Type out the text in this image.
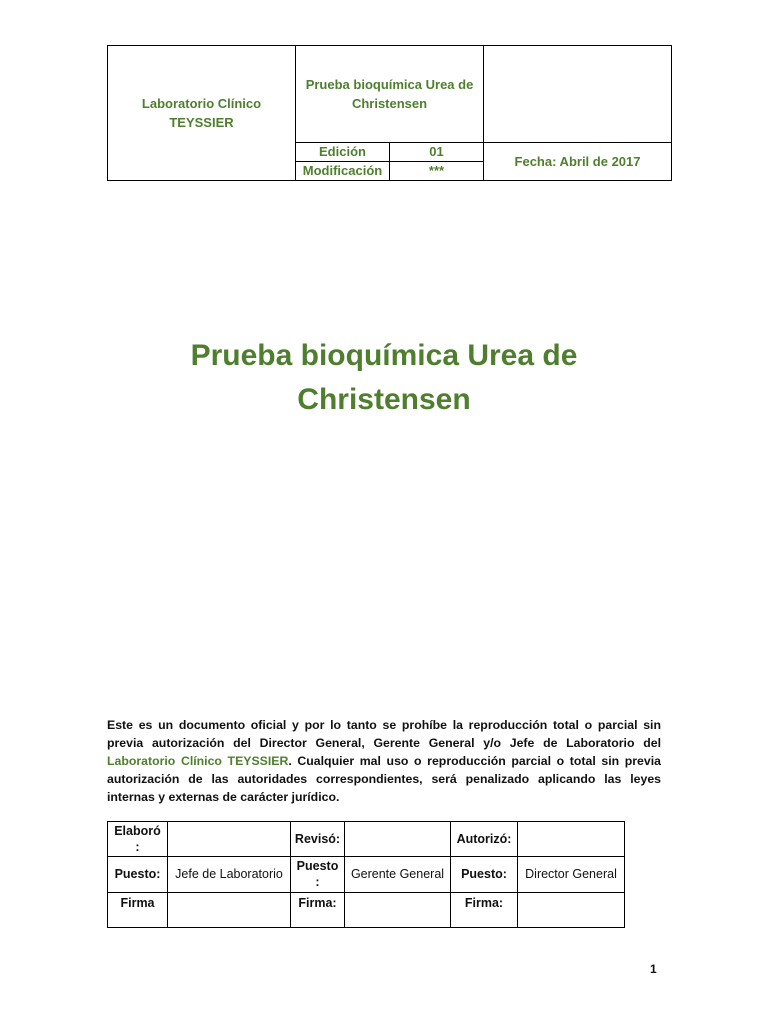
Laboratorio Clínico
TEYSSIER	Prueba bioquímica Urea de
Christensen		
	Edición	01	Fecha: Abril de 2017
	Modificación	***	
Prueba bioquímica Urea de
Christensen

Este es un documento oficial y por lo tanto se prohíbe la reproducción total o parcial sin previa autorización del Director General, Gerente General y/o Jefe de Laboratorio del Laboratorio Clínico TEYSSIER. Cualquier mal uso o reproducción parcial o total sin previa autorización de las autoridades correspondientes, será penalizado aplicando las leyes internas y externas de carácter jurídico.

Elaboró :		Revisó:		Autorizó:	
Puesto:	Jefe de Laboratorio	Puesto :	Gerente General	Puesto:	Director General
Firma		Firma:		Firma:	
1
